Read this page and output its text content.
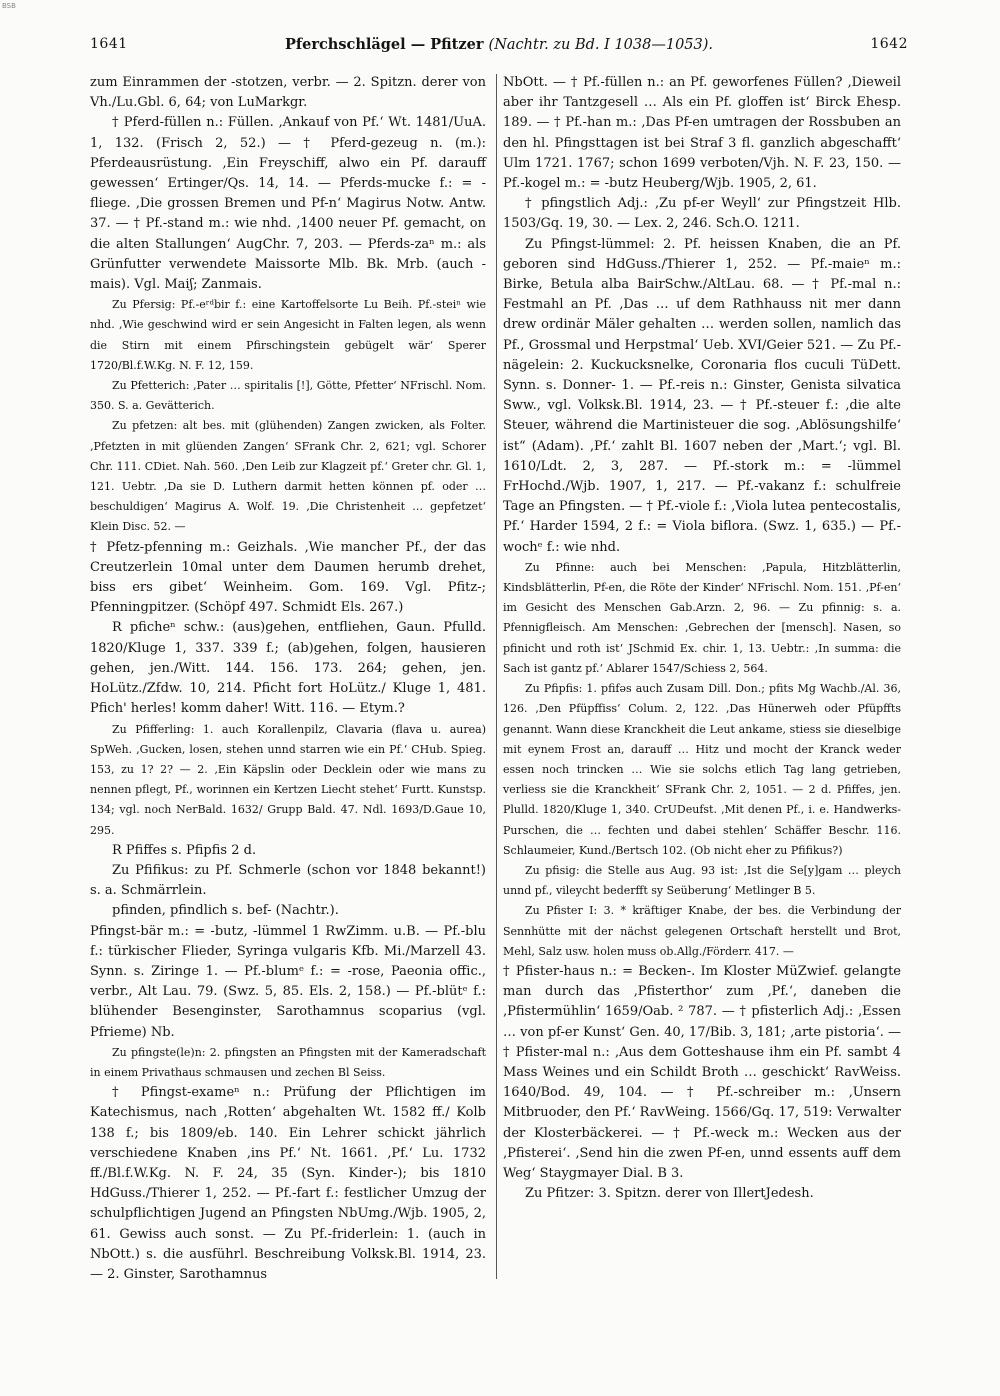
BSB
1641	Pferchschlägel — Pfitzer (Nachtr. zu Bd. I 1038—1053).	1642

zum Einrammen der -stotzen, verbr. — 2. Spitzn. derer von Vh./Lu.Gbl. 6, 64; von LuMarkgr.

† Pferd-füllen n.: Füllen. ‚Ankauf von Pf.‘ Wt. 1481/UuA. 1, 132. (Frisch 2, 52.) — † Pferd-gezeug n. (m.): Pferdeausrüstung. ‚Ein Freyschiff, alwo ein Pf. darauff gewessen‘ Ertinger/Qs. 14, 14. — Pferds-mucke f.: = -fliege. ‚Die grossen Bremen und Pf-n‘ Magirus Notw. Antw. 37. — † Pf.-stand m.: wie nhd. ‚1400 neuer Pf. gemacht, on die alten Stallungen‘ AugChr. 7, 203. — Pferds-zaⁿ m.: als Grünfutter verwendete Maissorte Mlb. Bk. Mrb. (auch -mais). Vgl. Maiʃ; Zanmais.

Zu Pfersig: Pf.-eʳᵈbir f.: eine Kartoffelsorte Lu Beih. Pf.-steiⁿ wie nhd. ‚Wie geschwind wird er sein Angesicht in Falten legen, als wenn die Stirn mit einem Pfirschingstein gebügelt wär‘ Sperer 1720/Bl.f.W.Kg. N. F. 12, 159.

Zu Pfetterich: ‚Pater … spiritalis [!], Götte, Pfetter‘ NFrischl. Nom. 350. S. a. Gevätterich.

Zu pfetzen: alt bes. mit (glühenden) Zangen zwicken, als Folter. ‚Pfetzten in mit glüenden Zangen‘ SFrank Chr. 2, 621; vgl. Schorer Chr. 111. CDiet. Nah. 560. ‚Den Leib zur Klagzeit pf.‘ Greter chr. Gl. 1, 121. Uebtr. ‚Da sie D. Luthern darmit hetten können pf. oder … beschuldigen‘ Magirus A. Wolf. 19. ‚Die Christenheit … gepfetzet‘ Klein Disc. 52. —

† Pfetz-pfenning m.: Geizhals. ‚Wie mancher Pf., der das Creutzerlein 10mal unter dem Daumen herumb drehet, biss ers gibet‘ Weinheim. Gom. 169. Vgl. Pfitz-; Pfenningpitzer. (Schöpf 497. Schmidt Els. 267.)

R pficheⁿ schw.: (aus)gehen, entfliehen, Gaun. Pfulld. 1820/Kluge 1, 337. 339 f.; (ab)gehen, folgen, hausieren gehen, jen./Witt. 144. 156. 173. 264; gehen, jen. HoLütz./Zfdw. 10, 214. Pficht fort HoLütz./ Kluge 1, 481. Pfich' herles! komm daher! Witt. 116. — Etym.?

Zu Pfifferling: 1. auch Korallenpilz, Clavaria (flava u. aurea) SpWeh. ‚Gucken, losen, stehen unnd starren wie ein Pf.‘ CHub. Spieg. 153, zu 1? 2? — 2. ‚Ein Käpslin oder Decklein oder wie mans zu nennen pflegt, Pf., worinnen ein Kertzen Liecht stehet‘ Furtt. Kunstsp. 134; vgl. noch NerBald. 1632/ Grupp Bald. 47. Ndl. 1693/D.Gaue 10, 295.

R Pfiffes s. Pfipfis 2 d.

Zu Pfifikus: zu Pf. Schmerle (schon vor 1848 bekannt!) s. a. Schmärrlein.

pfinden, pfindlich s. bef- (Nachtr.).

Pfingst-bär m.: = -butz, -lümmel 1 RwZimm. u.B. — Pf.-blu f.: türkischer Flieder, Syringa vulgaris Kfb. Mi./Marzell 43. Synn. s. Ziringe 1. — Pf.-blumᵉ f.: = -rose, Paeonia offic., verbr., Alt Lau. 79. (Swz. 5, 85. Els. 2, 158.) — Pf.-blütᵉ f.: blühender Besenginster, Sarothamnus scoparius (vgl. Pfrieme) Nb.

Zu pfingste(le)n: 2. pfingsten an Pfingsten mit der Kameradschaft in einem Privathaus schmausen und zechen Bl Seiss.

† Pfingst-exameⁿ n.: Prüfung der Pflichtigen im Katechismus, nach ‚Rotten‘ abgehalten Wt. 1582 ff./ Kolb 138 f.; bis 1809/eb. 140. Ein Lehrer schickt jährlich verschiedene Knaben ‚ins Pf.‘ Nt. 1661. ‚Pf.‘ Lu. 1732 ff./Bl.f.W.Kg. N. F. 24, 35 (Syn. Kinder-); bis 1810 HdGuss./Thierer 1, 252. — Pf.-fart f.: festlicher Umzug der schulpflichtigen Jugend an Pfingsten NbUmg./Wjb. 1905, 2, 61. Gewiss auch sonst. — Zu Pf.-friderlein: 1. (auch in NbOtt.) s. die ausführl. Beschreibung Volksk.Bl. 1914, 23. — 2. Ginster, Sarothamnus

NbOtt. — † Pf.-füllen n.: an Pf. geworfenes Füllen? ‚Dieweil aber ihr Tantzgesell … Als ein Pf. gloffen ist‘ Birck Ehesp. 189. — † Pf.-han m.: ‚Das Pf-en umtragen der Rossbuben an den hl. Pfingsttagen ist bei Straf 3 fl. ganzlich abgeschafft‘ Ulm 1721. 1767; schon 1699 verboten/Vjh. N. F. 23, 150. — Pf.-kogel m.: = -butz Heuberg/Wjb. 1905, 2, 61.

† pfingstlich Adj.: ‚Zu pf-er Weyll‘ zur Pfingstzeit Hlb. 1503/Gq. 19, 30. — Lex. 2, 246. Sch.O. 1211.

Zu Pfingst-lümmel: 2. Pf. heissen Knaben, die an Pf. geboren sind HdGuss./Thierer 1, 252. — Pf.-maieⁿ m.: Birke, Betula alba BairSchw./AltLau. 68. — † Pf.-mal n.: Festmahl an Pf. ‚Das … uf dem Rathhauss nit mer dann drew ordinär Mäler gehalten … werden sollen, namlich das Pf., Grossmal und Herpstmal‘ Ueb. XVI/Geier 521. — Zu Pf.-nägelein: 2. Kuckucksnelke, Coronaria flos cuculi TüDett. Synn. s. Donner- 1. — Pf.-reis n.: Ginster, Genista silvatica Sww., vgl. Volksk.Bl. 1914, 23. — † Pf.-steuer f.: ‚die alte Steuer, während die Martinisteuer die sog. ‚Ablösungshilfe‘ ist“ (Adam). ‚Pf.‘ zahlt Bl. 1607 neben der ‚Mart.‘; vgl. Bl. 1610/Ldt. 2, 3, 287. — Pf.-stork m.: = -lümmel FrHochd./Wjb. 1907, 1, 217. — Pf.-vakanz f.: schulfreie Tage an Pfingsten. — † Pf.-viole f.: ‚Viola lutea pentecostalis, Pf.‘ Harder 1594, 2 f.: = Viola biflora. (Swz. 1, 635.) — Pf.-wochᵉ f.: wie nhd.

Zu Pfinne: auch bei Menschen: ‚Papula, Hitzblätterlin, Kindsblätterlin, Pf-en, die Röte der Kinder‘ NFrischl. Nom. 151. ‚Pf-en‘ im Gesicht des Menschen Gab.Arzn. 2, 96. — Zu pfinnig: s. a. Pfennigfleisch. Am Menschen: ‚Gebrechen der [mensch]. Nasen, so pfinicht und roth ist‘ JSchmid Ex. chir. 1, 13. Uebtr.: ‚In summa: die Sach ist gantz pf.‘ Ablarer 1547/Schiess 2, 564.

Zu Pfipfis: 1. pfifəs auch Zusam Dill. Don.; pfits Mg Wachb./Al. 36, 126. ‚Den Pfüpffiss‘ Colum. 2, 122. ‚Das Hünerweh oder Pfüpffts genannt. Wann diese Kranckheit die Leut ankame, stiess sie dieselbige mit eynem Frost an, darauff … Hitz und mocht der Kranck weder essen noch trincken … Wie sie solchs etlich Tag lang getrieben, verliess sie die Kranckheit‘ SFrank Chr. 2, 1051. — 2 d. Pfiffes, jen. Plulld. 1820/Kluge 1, 340. CrUDeufst. ‚Mit denen Pf., i. e. Handwerks-Purschen, die … fechten und dabei stehlen‘ Schäffer Beschr. 116. Schlaumeier, Kund./Bertsch 102. (Ob nicht eher zu Pfifikus?)

Zu pfisig: die Stelle aus Aug. 93 ist: ‚Ist die Se[y]gam … pleych unnd pf., vileycht bederfft sy Seüberung‘ Metlinger B 5.

Zu Pfister I: 3. * kräftiger Knabe, der bes. die Verbindung der Sennhütte mit der nächst gelegenen Ortschaft herstellt und Brot, Mehl, Salz usw. holen muss ob.Allg./Förderr. 417. —

† Pfister-haus n.: = Becken-. Im Kloster MüZwief. gelangte man durch das ‚Pfisterthor‘ zum ‚Pf.‘, daneben die ‚Pfistermühlin‘ 1659/Oab. ² 787. — † pfisterlich Adj.: ‚Essen … von pf-er Kunst‘ Gen. 40, 17/Bib. 3, 181; ‚arte pistoria‘. — † Pfister-mal n.: ‚Aus dem Gotteshause ihm ein Pf. sambt 4 Mass Weines und ein Schildt Broth … geschickt‘ RavWeiss. 1640/Bod. 49, 104. — † Pf.-schreiber m.: ‚Unsern Mitbruoder, den Pf.‘ RavWeing. 1566/Gq. 17, 519: Verwalter der Klosterbäckerei. — † Pf.-weck m.: Wecken aus der ‚Pfisterei‘. ‚Send hin die zwen Pf-en, unnd essents auff dem Weg‘ Staygmayer Dial. B 3.

Zu Pfitzer: 3. Spitzn. derer von IllertJedesh.
